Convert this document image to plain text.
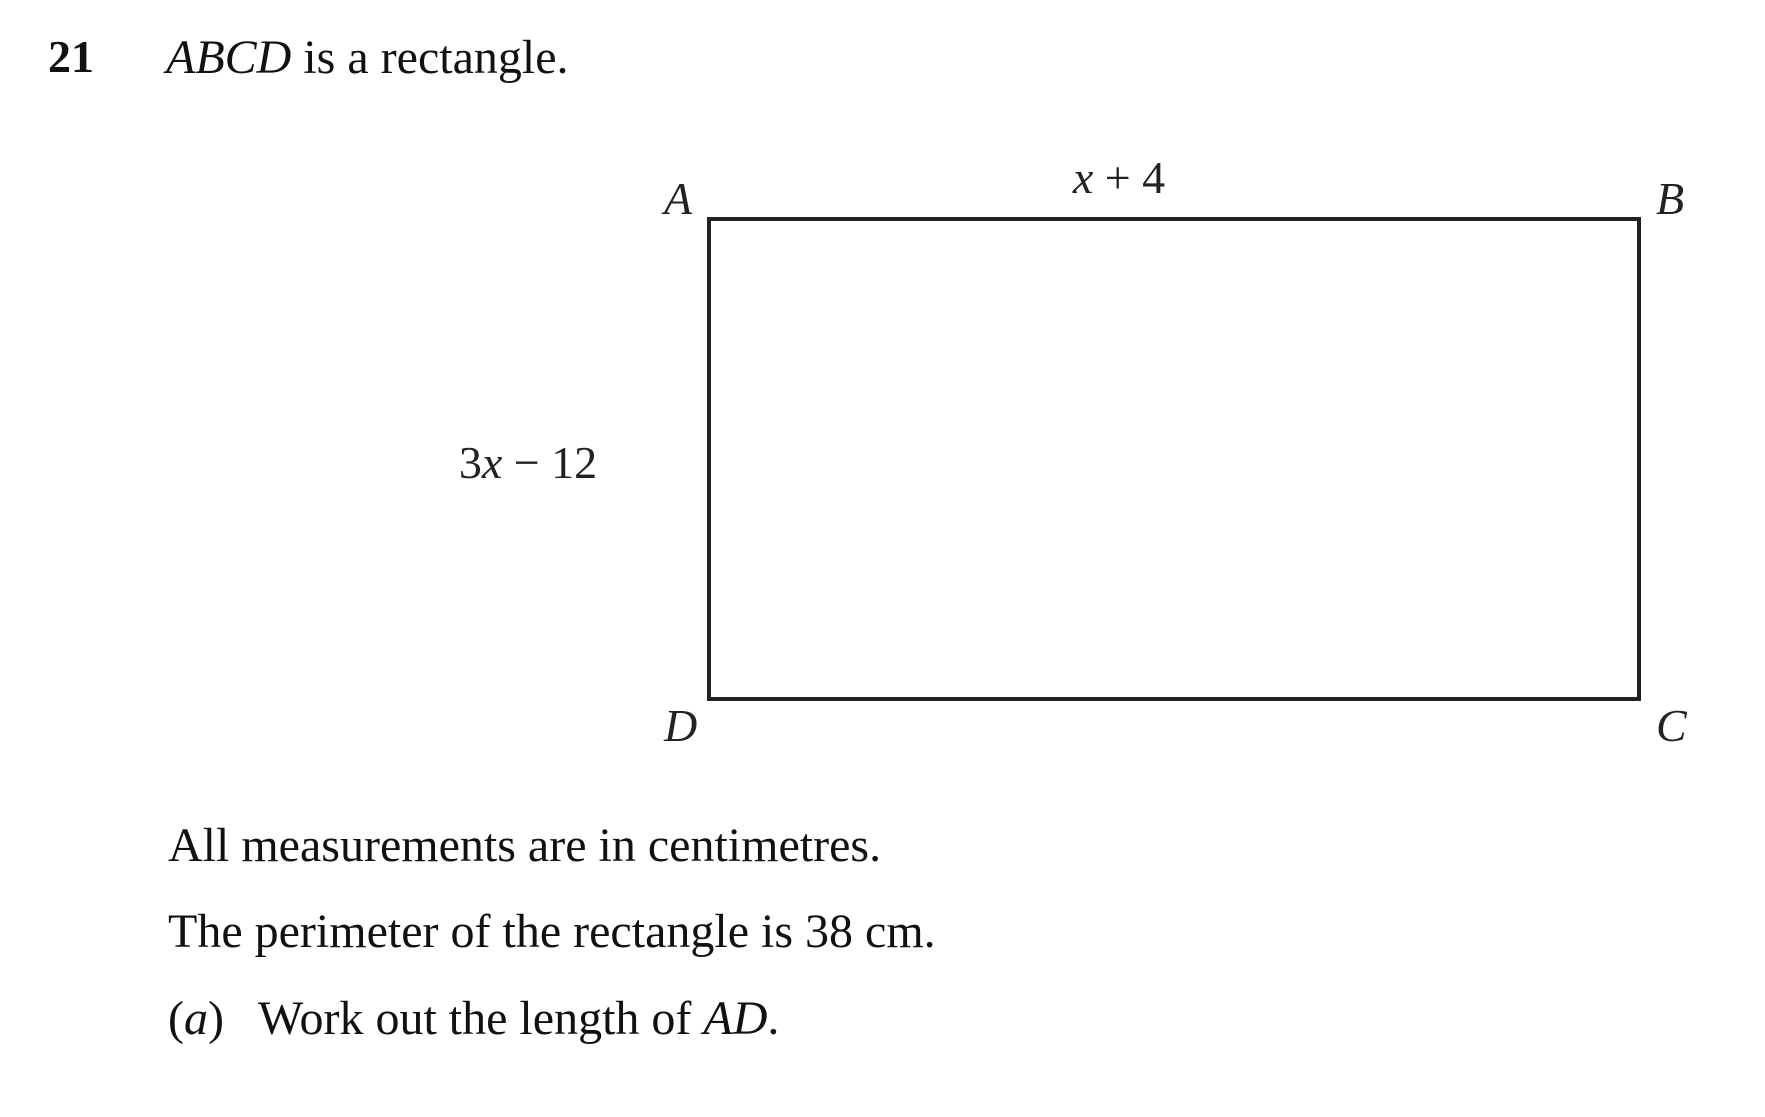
21 ABCD is a rectangle.
A	B
C
D
x + 4
3x − 12
All measurements are in centimetres.
The perimeter of the rectangle is 38 cm.
(a) Work out the length of AD.
